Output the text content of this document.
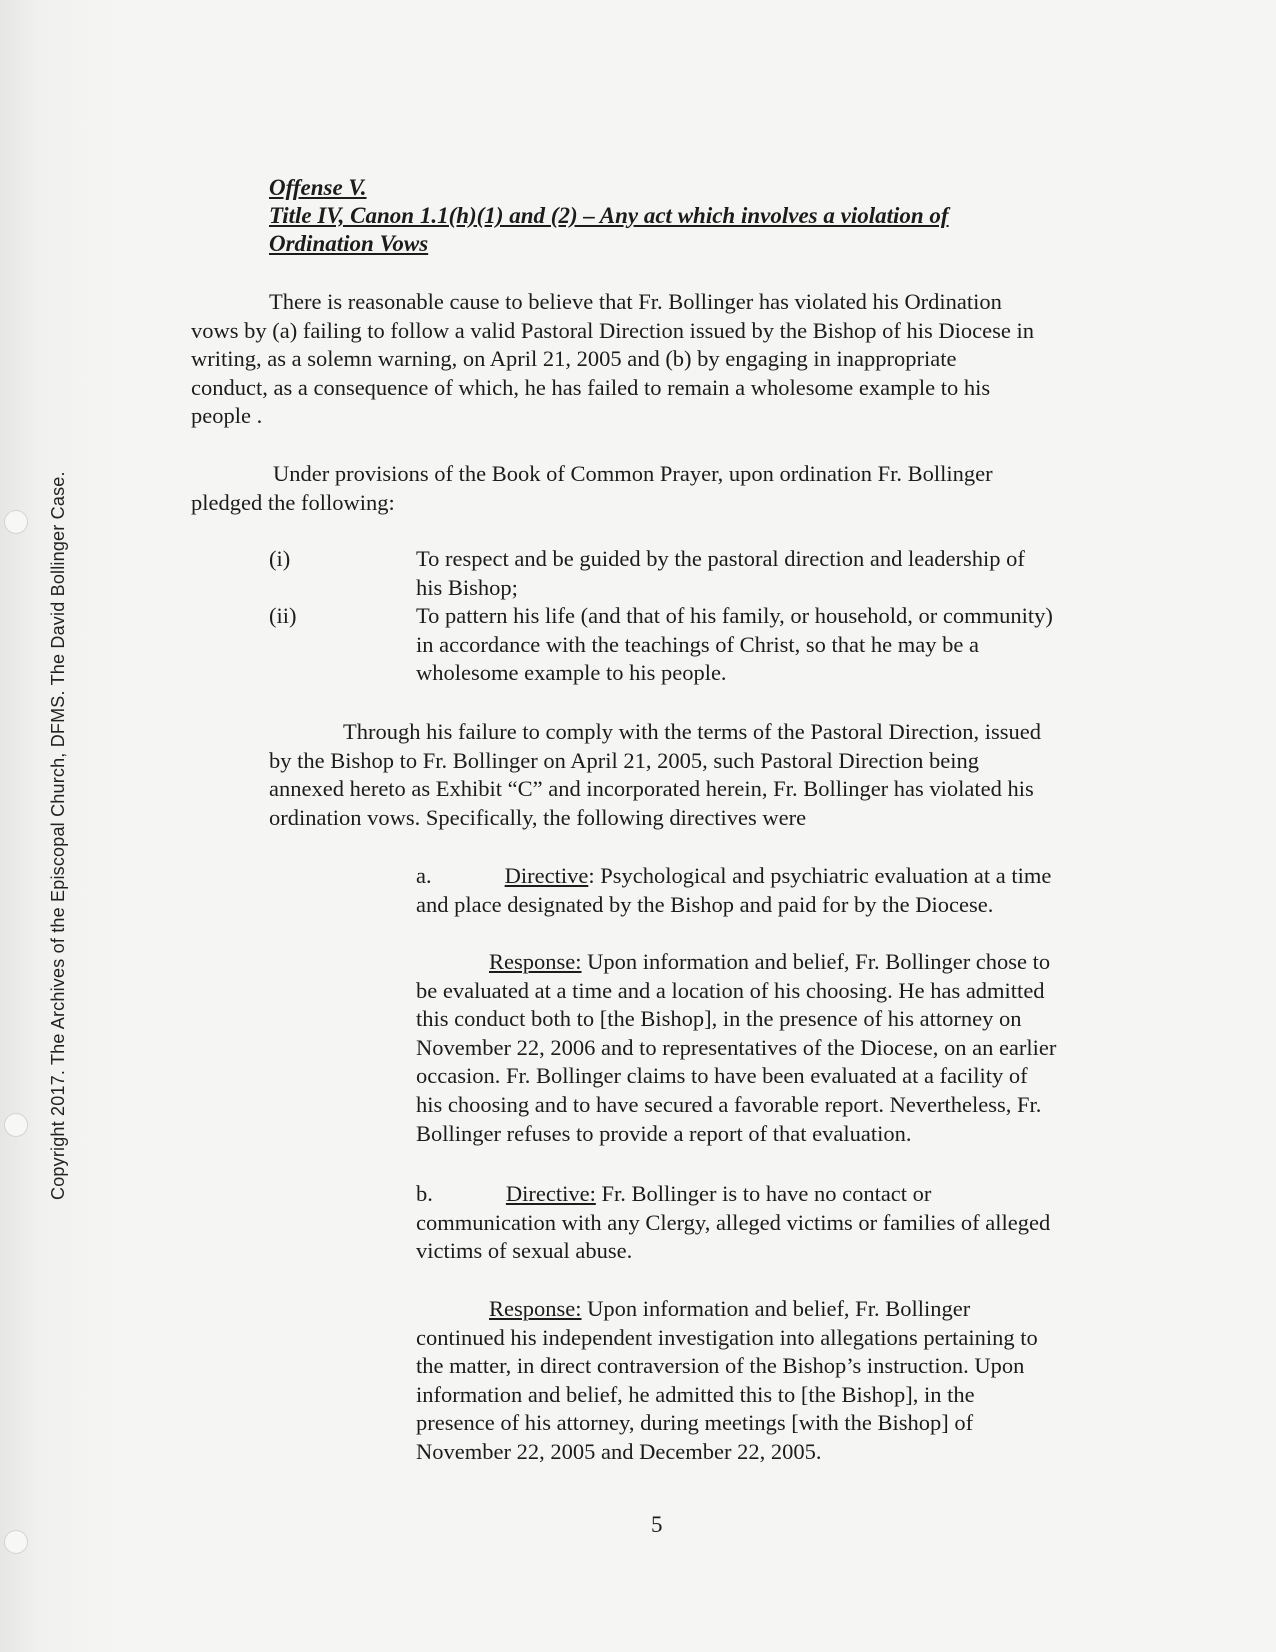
Copyright 2017. The Archives of the Episcopal Church, DFMS. The David Bollinger Case.
Offense V.
Title IV, Canon 1.1(h)(1) and (2) – Any act which involves a violation of
Ordination Vows
There is reasonable cause to believe that Fr. Bollinger has violated his Ordination
vows by (a) failing to follow a valid Pastoral Direction issued by the Bishop of his Diocese in
writing, as a solemn warning, on April 21, 2005 and (b) by engaging in inappropriate
conduct, as a consequence of which, he has failed to remain a wholesome example to his
people .
Under provisions of the Book of Common Prayer, upon ordination Fr. Bollinger
pledged the following:
(i)	To respect and be guided by the pastoral direction and leadership of
his Bishop;
(ii)	To pattern his life (and that of his family, or household, or community)
in accordance with the teachings of Christ, so that he may be a
wholesome example to his people.
Through his failure to comply with the terms of the Pastoral Direction, issued
by the Bishop to Fr. Bollinger on April 21, 2005, such Pastoral Direction being
annexed hereto as Exhibit “C” and incorporated herein, Fr. Bollinger has violated his
ordination vows. Specifically, the following directives were
a.	Directive: Psychological and psychiatric evaluation at a time
and place designated by the Bishop and paid for by the Diocese.
Response: Upon information and belief, Fr. Bollinger chose to
be evaluated at a time and a location of his choosing. He has admitted
this conduct both to [the Bishop], in the presence of his attorney on
November 22, 2006 and to representatives of the Diocese, on an earlier
occasion. Fr. Bollinger claims to have been evaluated at a facility of
his choosing and to have secured a favorable report. Nevertheless, Fr.
Bollinger refuses to provide a report of that evaluation.
b.	Directive: Fr. Bollinger is to have no contact or
communication with any Clergy, alleged victims or families of alleged
victims of sexual abuse.
Response: Upon information and belief, Fr. Bollinger
continued his independent investigation into allegations pertaining to
the matter, in direct contraversion of the Bishop’s instruction. Upon
information and belief, he admitted this to [the Bishop], in the
presence of his attorney, during meetings [with the Bishop] of
November 22, 2005 and December 22, 2005.
5
